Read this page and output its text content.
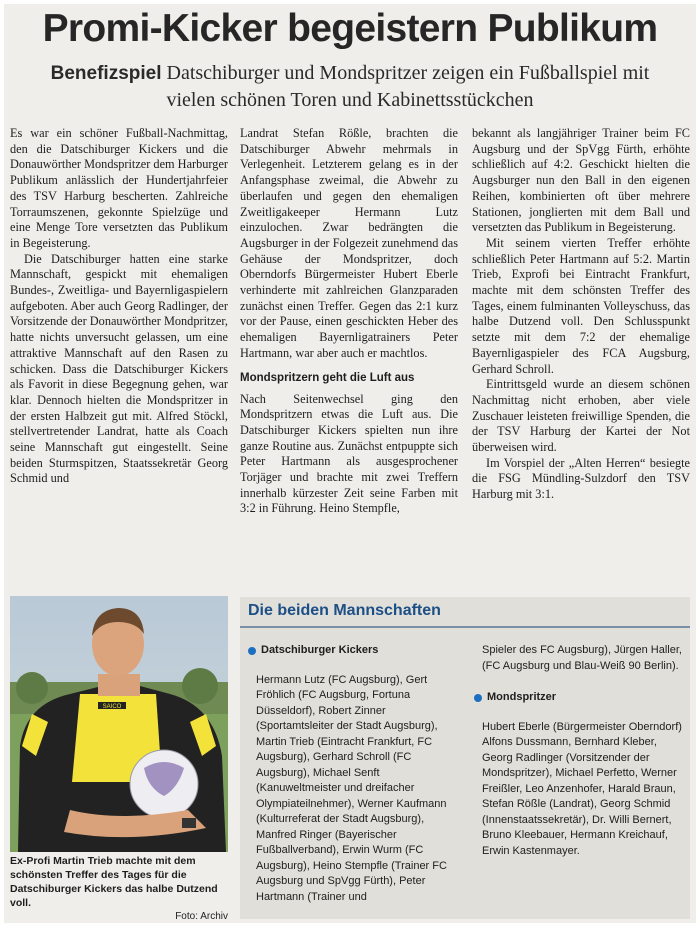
Promi-Kicker begeistern Publikum

Benefizspiel Datschiburger und Mondspritzer zeigen ein Fußballspiel mit vielen schönen Toren und Kabinettsstückchen

Es war ein schöner Fußball-Nachmittag, den die Datschiburger Kickers und die Donauwörther Mondspritzer dem Harburger Publikum anlässlich der Hundertjahrfeier des TSV Harburg bescherten. Zahlreiche Torraumszenen, gekonnte Spielzüge und eine Menge Tore versetzten das Publikum in Begeisterung.

Die Datschiburger hatten eine starke Mannschaft, gespickt mit ehemaligen Bundes-, Zweitliga- und Bayernligaspielern aufgeboten. Aber auch Georg Radlinger, der Vorsitzende der Donauwörther Mondpritzer, hatte nichts unversucht gelassen, um eine attraktive Mannschaft auf den Rasen zu schicken. Dass die Datschiburger Kickers als Favorit in diese Begegnung gehen, war klar. Dennoch hielten die Mondspritzer in der ersten Halbzeit gut mit. Alfred Stöckl, stellvertretender Landrat, hatte als Coach seine Mannschaft gut eingestellt. Seine beiden Sturmspitzen, Staatssekretär Georg Schmid und

Landrat Stefan Rößle, brachten die Datschiburger Abwehr mehrmals in Verlegenheit. Letzterem gelang es in der Anfangsphase zweimal, die Abwehr zu überlaufen und gegen den ehemaligen Zweitligakeeper Hermann Lutz einzulochen. Zwar bedrängten die Augsburger in der Folgezeit zunehmend das Gehäuse der Mondspritzer, doch Oberndorfs Bürgermeister Hubert Eberle verhinderte mit zahlreichen Glanzparaden zunächst einen Treffer. Gegen das 2:1 kurz vor der Pause, einen geschickten Heber des ehemaligen Bayernligatrainers Peter Hartmann, war aber auch er machtlos.

Mondspritzern geht die Luft aus

Nach Seitenwechsel ging den Mondspritzern etwas die Luft aus. Die Datschiburger Kickers spielten nun ihre ganze Routine aus. Zunächst entpuppte sich Peter Hartmann als ausgesprochener Torjäger und brachte mit zwei Treffern innerhalb kürzester Zeit seine Farben mit 3:2 in Führung. Heino Stempfle,

bekannt als langjähriger Trainer beim FC Augsburg und der SpVgg Fürth, erhöhte schließlich auf 4:2. Geschickt hielten die Augsburger nun den Ball in den eigenen Reihen, kombinierten oft über mehrere Stationen, jonglierten mit dem Ball und versetzten das Publikum in Begeisterung.

Mit seinem vierten Treffer erhöhte schließlich Peter Hartmann auf 5:2. Martin Trieb, Exprofi bei Eintracht Frankfurt, machte mit dem schönsten Treffer des Tages, einem fulminanten Volleyschuss, das halbe Dutzend voll. Den Schlusspunkt setzte mit dem 7:2 der ehemalige Bayernligaspieler des FCA Augsburg, Gerhard Schroll.

Eintrittsgeld wurde an diesem schönen Nachmittag nicht erhoben, aber viele Zuschauer leisteten freiwillige Spenden, die der TSV Harburg der Kartei der Not überweisen wird.

Im Vorspiel der „Alten Herren“ besiegte die FSG Mündling-Sulzdorf den TSV Harburg mit 3:1.

SAICO
Ex-Profi Martin Trieb machte mit dem schönsten Treffer des Tages für die Datschiburger Kickers das halbe Dutzend voll.
Foto: Archiv
Die beiden Mannschaften
Datschiburger Kickers
Hermann Lutz (FC Augsburg), Gert Fröhlich (FC Augsburg, Fortuna Düsseldorf), Robert Zinner (Sportamtsleiter der Stadt Augsburg), Martin Trieb (Eintracht Frankfurt, FC Augsburg), Gerhard Schroll (FC Augsburg), Michael Senft (Kanuweltmeister und dreifacher Olympiateilnehmer), Werner Kaufmann (Kulturreferat der Stadt Augsburg), Manfred Ringer (Bayerischer Fußballverband), Erwin Wurm (FC Augsburg), Heino Stempfle (Trainer FC Augsburg und SpVgg Fürth), Peter Hartmann (Trainer und
Spieler des FC Augsburg), Jürgen Haller, (FC Augsburg und Blau-Weiß 90 Berlin).
Mondspritzer
Hubert Eberle (Bürgermeister Oberndorf) Alfons Dussmann, Bernhard Kleber, Georg Radlinger (Vorsitzender der Mondspritzer), Michael Perfetto, Werner Freißler, Leo Anzenhofer, Harald Braun, Stefan Rößle (Landrat), Georg Schmid (Innenstaatssekretär), Dr. Willi Bernert, Bruno Kleebauer, Hermann Kreichauf, Erwin Kastenmayer.
